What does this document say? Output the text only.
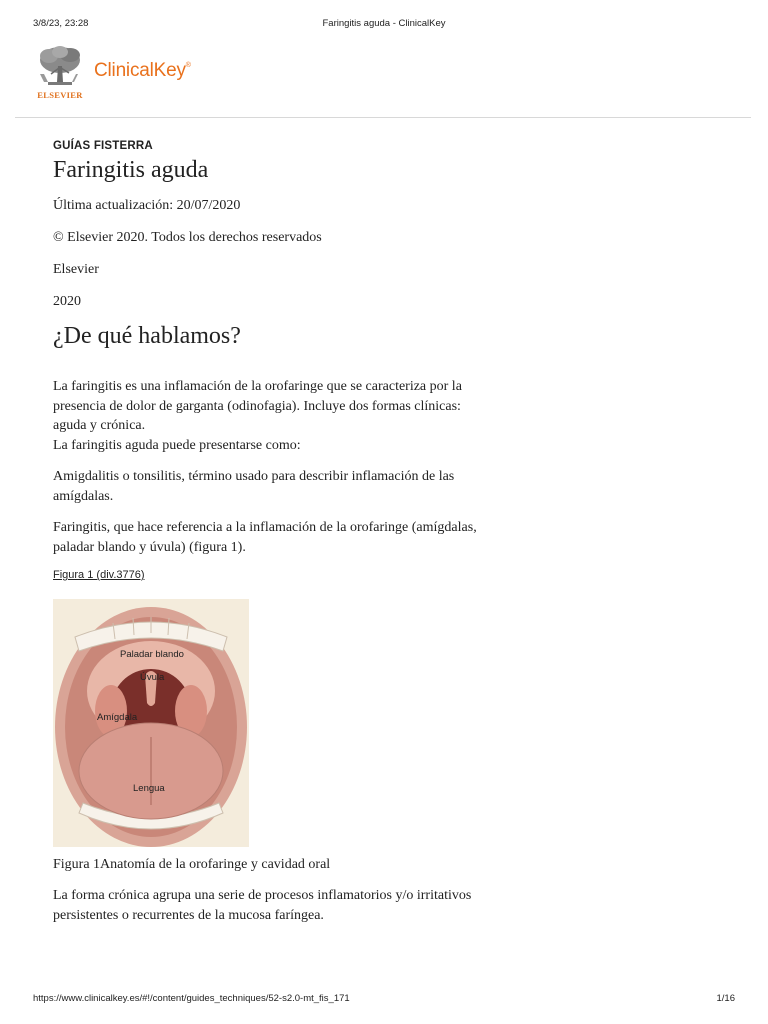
3/8/23, 23:28	Faringitis aguda - ClinicalKey
ELSEVIER
ClinicalKey®

GUÍAS FISTERRA

Faringitis aguda

Última actualización: 20/07/2020

© Elsevier 2020. Todos los derechos reservados

Elsevier

2020

¿De qué hablamos?

La faringitis es una inflamación de la orofaringe que se caracteriza por la
presencia de dolor de garganta (odinofagia). Incluye dos formas clínicas:
aguda y crónica.
La faringitis aguda puede presentarse como:

Amigdalitis o tonsilitis, término usado para describir inflamación de las amígdalas.

Faringitis, que hace referencia a la inflamación de la orofaringe (amígdalas, paladar blando y úvula) (figura 1).

Figura 1 (div.3776)
Paladar blando
Úvula
Amígdala
Lengua

Figura 1Anatomía de la orofaringe y cavidad oral

La forma crónica agrupa una serie de procesos inflamatorios y/o irritativos persistentes o recurrentes de la mucosa faríngea.

https://www.clinicalkey.es/#!/content/guides_techniques/52-s2.0-mt_fis_171	1/16
